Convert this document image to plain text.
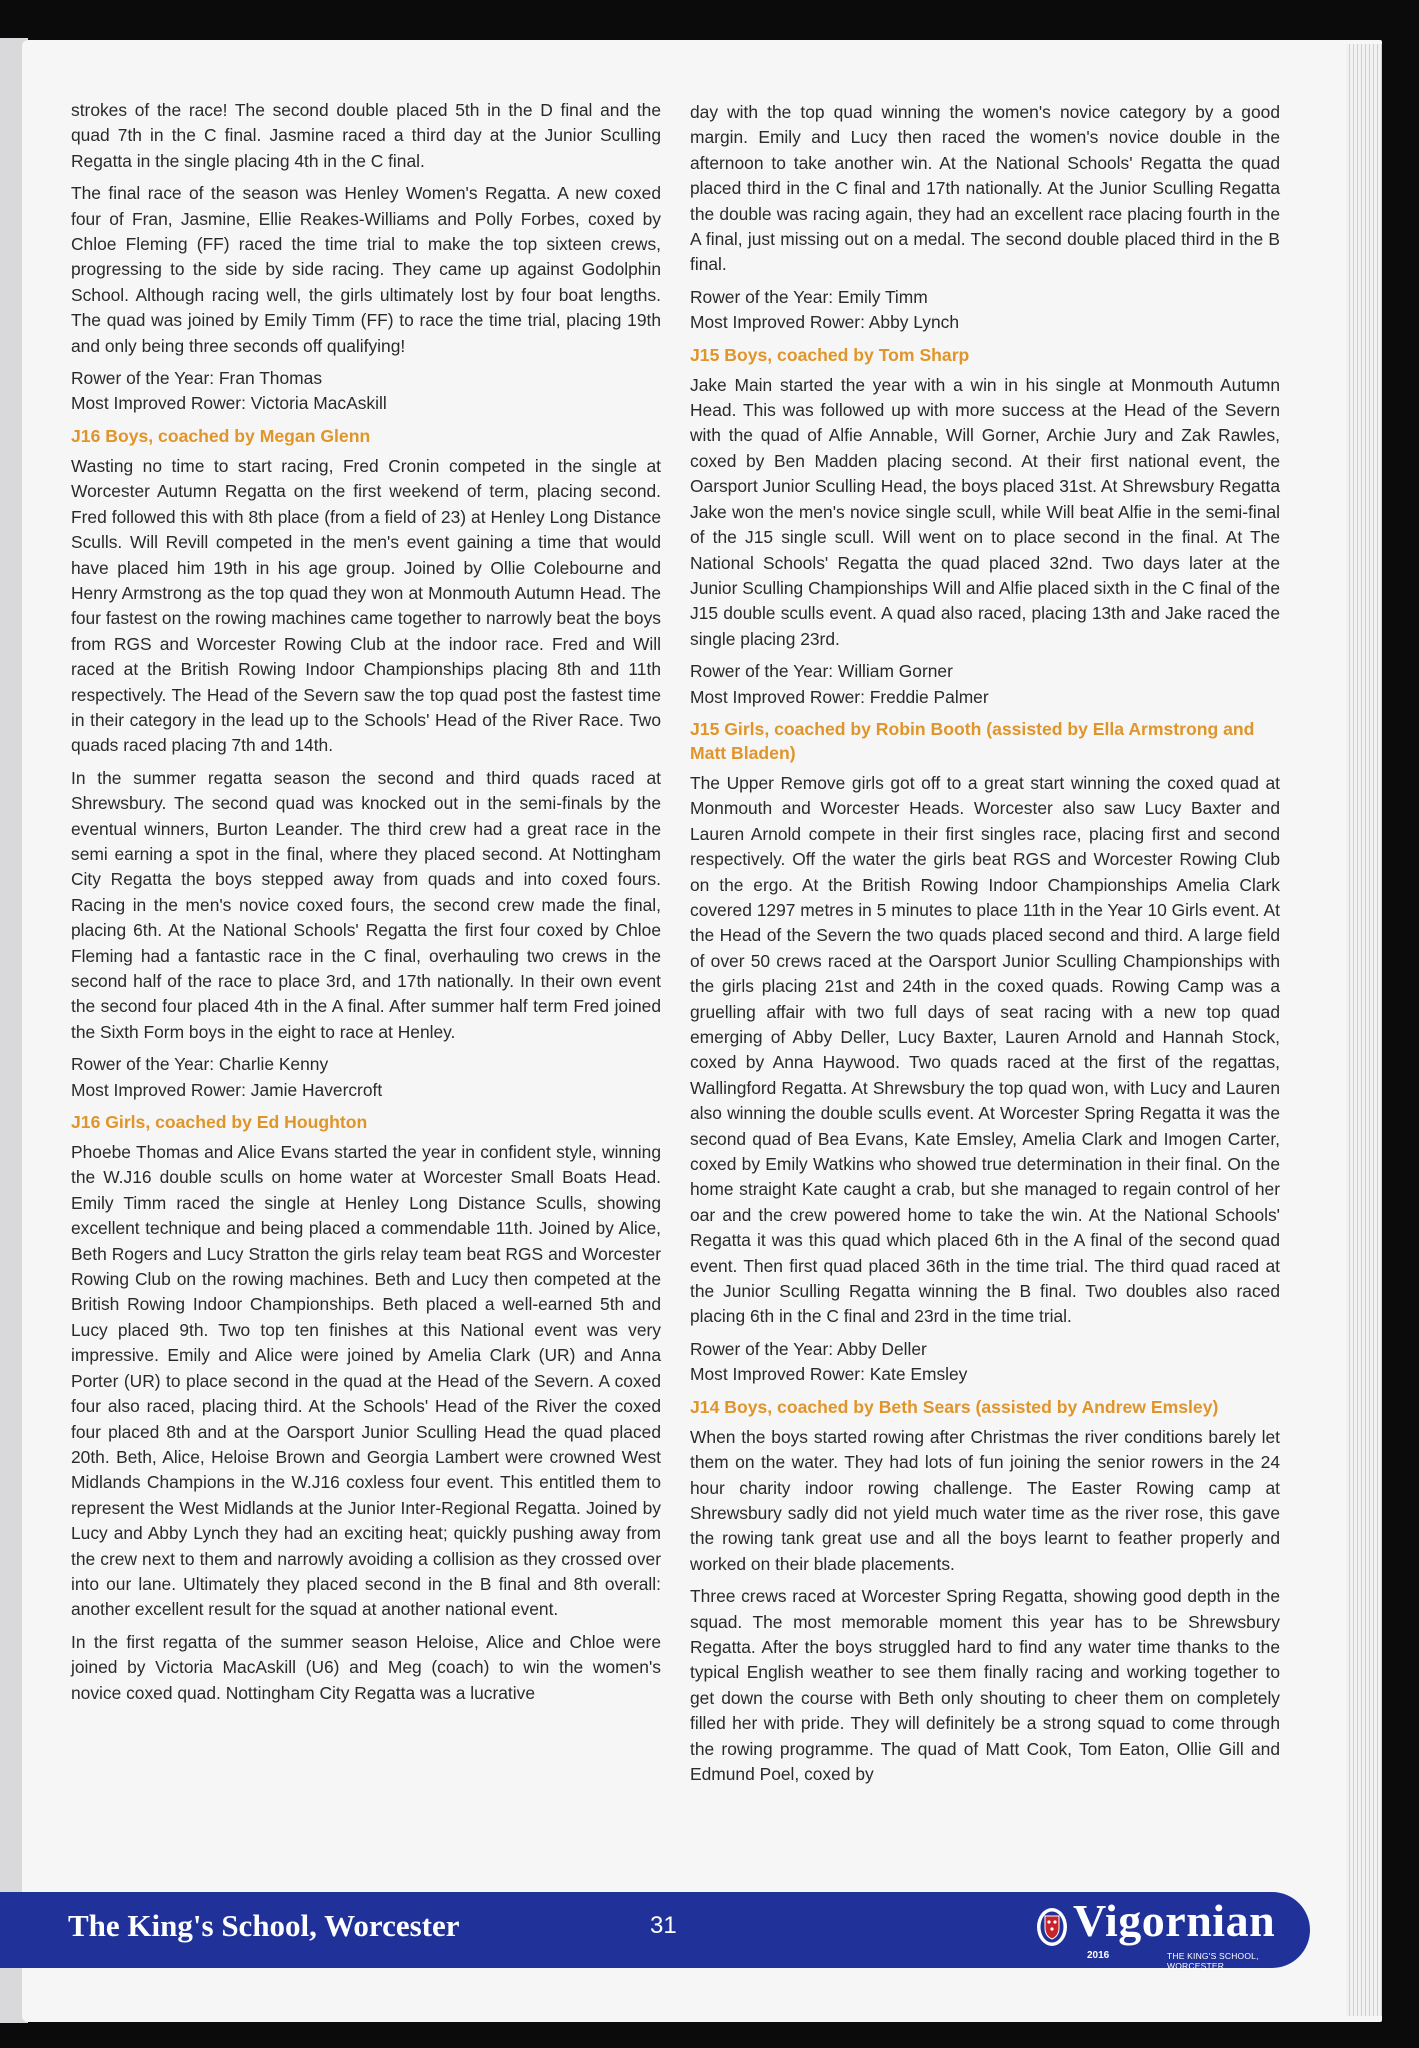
strokes of the race! The second double placed 5th in the D final and the quad 7th in the C final. Jasmine raced a third day at the Junior Sculling Regatta in the single placing 4th in the C final.

The final race of the season was Henley Women's Regatta. A new coxed four of Fran, Jasmine, Ellie Reakes-Williams and Polly Forbes, coxed by Chloe Fleming (FF) raced the time trial to make the top sixteen crews, progressing to the side by side racing. They came up against Godolphin School. Although racing well, the girls ultimately lost by four boat lengths. The quad was joined by Emily Timm (FF) to race the time trial, placing 19th and only being three seconds off qualifying!

Rower of the Year: Fran Thomas

Most Improved Rower: Victoria MacAskill

J16 Boys, coached by Megan Glenn

Wasting no time to start racing, Fred Cronin competed in the single at Worcester Autumn Regatta on the first weekend of term, placing second. Fred followed this with 8th place (from a field of 23) at Henley Long Distance Sculls. Will Revill competed in the men's event gaining a time that would have placed him 19th in his age group. Joined by Ollie Colebourne and Henry Armstrong as the top quad they won at Monmouth Autumn Head. The four fastest on the rowing machines came together to narrowly beat the boys from RGS and Worcester Rowing Club at the indoor race. Fred and Will raced at the British Rowing Indoor Championships placing 8th and 11th respectively. The Head of the Severn saw the top quad post the fastest time in their category in the lead up to the Schools' Head of the River Race. Two quads raced placing 7th and 14th.

In the summer regatta season the second and third quads raced at Shrewsbury. The second quad was knocked out in the semi-finals by the eventual winners, Burton Leander. The third crew had a great race in the semi earning a spot in the final, where they placed second. At Nottingham City Regatta the boys stepped away from quads and into coxed fours. Racing in the men's novice coxed fours, the second crew made the final, placing 6th. At the National Schools' Regatta the first four coxed by Chloe Fleming had a fantastic race in the C final, overhauling two crews in the second half of the race to place 3rd, and 17th nationally. In their own event the second four placed 4th in the A final. After summer half term Fred joined the Sixth Form boys in the eight to race at Henley.

Rower of the Year: Charlie Kenny

Most Improved Rower: Jamie Havercroft

J16 Girls, coached by Ed Houghton

Phoebe Thomas and Alice Evans started the year in confident style, winning the W.J16 double sculls on home water at Worcester Small Boats Head. Emily Timm raced the single at Henley Long Distance Sculls, showing excellent technique and being placed a commendable 11th. Joined by Alice, Beth Rogers and Lucy Stratton the girls relay team beat RGS and Worcester Rowing Club on the rowing machines. Beth and Lucy then competed at the British Rowing Indoor Championships. Beth placed a well-earned 5th and Lucy placed 9th. Two top ten finishes at this National event was very impressive. Emily and Alice were joined by Amelia Clark (UR) and Anna Porter (UR) to place second in the quad at the Head of the Severn. A coxed four also raced, placing third. At the Schools' Head of the River the coxed four placed 8th and at the Oarsport Junior Sculling Head the quad placed 20th. Beth, Alice, Heloise Brown and Georgia Lambert were crowned West Midlands Champions in the W.J16 coxless four event. This entitled them to represent the West Midlands at the Junior Inter-Regional Regatta. Joined by Lucy and Abby Lynch they had an exciting heat; quickly pushing away from the crew next to them and narrowly avoiding a collision as they crossed over into our lane. Ultimately they placed second in the B final and 8th overall: another excellent result for the squad at another national event.

In the first regatta of the summer season Heloise, Alice and Chloe were joined by Victoria MacAskill (U6) and Meg (coach) to win the women's novice coxed quad. Nottingham City Regatta was a lucrative

day with the top quad winning the women's novice category by a good margin. Emily and Lucy then raced the women's novice double in the afternoon to take another win. At the National Schools' Regatta the quad placed third in the C final and 17th nationally. At the Junior Sculling Regatta the double was racing again, they had an excellent race placing fourth in the A final, just missing out on a medal. The second double placed third in the B final.

Rower of the Year: Emily Timm

Most Improved Rower: Abby Lynch

J15 Boys, coached by Tom Sharp

Jake Main started the year with a win in his single at Monmouth Autumn Head. This was followed up with more success at the Head of the Severn with the quad of Alfie Annable, Will Gorner, Archie Jury and Zak Rawles, coxed by Ben Madden placing second. At their first national event, the Oarsport Junior Sculling Head, the boys placed 31st. At Shrewsbury Regatta Jake won the men's novice single scull, while Will beat Alfie in the semi-final of the J15 single scull. Will went on to place second in the final. At The National Schools' Regatta the quad placed 32nd. Two days later at the Junior Sculling Championships Will and Alfie placed sixth in the C final of the J15 double sculls event. A quad also raced, placing 13th and Jake raced the single placing 23rd.

Rower of the Year: William Gorner

Most Improved Rower: Freddie Palmer

J15 Girls, coached by Robin Booth (assisted by Ella Armstrong and Matt Bladen)

The Upper Remove girls got off to a great start winning the coxed quad at Monmouth and Worcester Heads. Worcester also saw Lucy Baxter and Lauren Arnold compete in their first singles race, placing first and second respectively. Off the water the girls beat RGS and Worcester Rowing Club on the ergo. At the British Rowing Indoor Championships Amelia Clark covered 1297 metres in 5 minutes to place 11th in the Year 10 Girls event. At the Head of the Severn the two quads placed second and third. A large field of over 50 crews raced at the Oarsport Junior Sculling Championships with the girls placing 21st and 24th in the coxed quads. Rowing Camp was a gruelling affair with two full days of seat racing with a new top quad emerging of Abby Deller, Lucy Baxter, Lauren Arnold and Hannah Stock, coxed by Anna Haywood. Two quads raced at the first of the regattas, Wallingford Regatta. At Shrewsbury the top quad won, with Lucy and Lauren also winning the double sculls event. At Worcester Spring Regatta it was the second quad of Bea Evans, Kate Emsley, Amelia Clark and Imogen Carter, coxed by Emily Watkins who showed true determination in their final. On the home straight Kate caught a crab, but she managed to regain control of her oar and the crew powered home to take the win. At the National Schools' Regatta it was this quad which placed 6th in the A final of the second quad event. Then first quad placed 36th in the time trial. The third quad raced at the Junior Sculling Regatta winning the B final. Two doubles also raced placing 6th in the C final and 23rd in the time trial.

Rower of the Year: Abby Deller

Most Improved Rower: Kate Emsley

J14 Boys, coached by Beth Sears (assisted by Andrew Emsley)

When the boys started rowing after Christmas the river conditions barely let them on the water. They had lots of fun joining the senior rowers in the 24 hour charity indoor rowing challenge. The Easter Rowing camp at Shrewsbury sadly did not yield much water time as the river rose, this gave the rowing tank great use and all the boys learnt to feather properly and worked on their blade placements.

Three crews raced at Worcester Spring Regatta, showing good depth in the squad. The most memorable moment this year has to be Shrewsbury Regatta. After the boys struggled hard to find any water time thanks to the typical English weather to see them finally racing and working together to get down the course with Beth only shouting to cheer them on completely filled her with pride. They will definitely be a strong squad to come through the rowing programme. The quad of Matt Cook, Tom Eaton, Ollie Gill and Edmund Poel, coxed by

The King's School, Worcester	31	Vigornian
2016	THE KING'S SCHOOL, WORCESTER
